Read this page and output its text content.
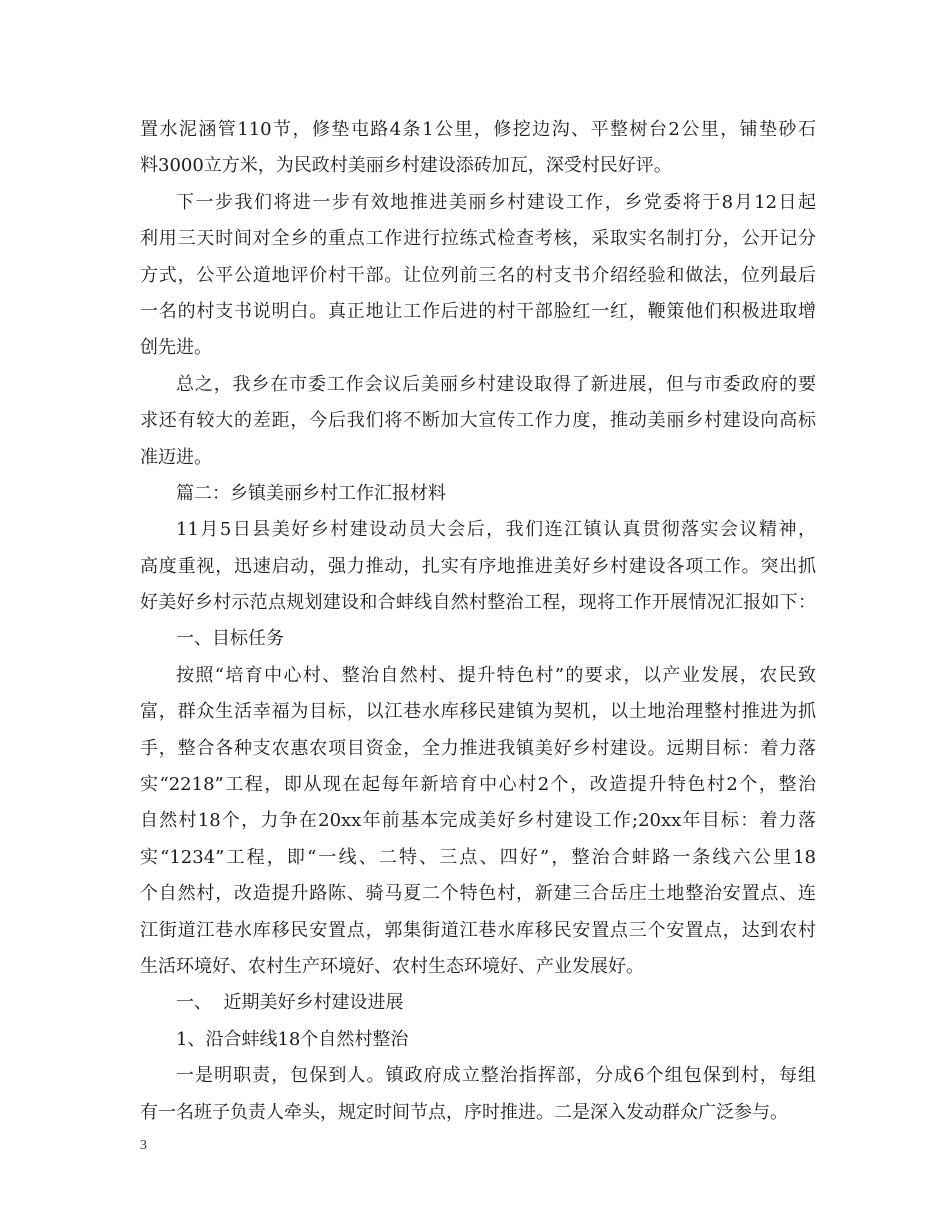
置水泥涵管110节，修垫屯路4条1公里，修挖边沟、平整树台2公里，铺垫砂石
料3000立方米，为民政村美丽乡村建设添砖加瓦，深受村民好评。
下一步我们将进一步有效地推进美丽乡村建设工作，乡党委将于8月12日起
利用三天时间对全乡的重点工作进行拉练式检查考核，采取实名制打分，公开记分
方式，公平公道地评价村干部。让位列前三名的村支书介绍经验和做法，位列最后
一名的村支书说明白。真正地让工作后进的村干部脸红一红，鞭策他们积极进取增
创先进。
总之，我乡在市委工作会议后美丽乡村建设取得了新进展，但与市委政府的要
求还有较大的差距，今后我们将不断加大宣传工作力度，推动美丽乡村建设向高标
准迈进。
篇二：乡镇美丽乡村工作汇报材料
11月5日县美好乡村建设动员大会后，我们连江镇认真贯彻落实会议精神，
高度重视，迅速启动，强力推动，扎实有序地推进美好乡村建设各项工作。突出抓
好美好乡村示范点规划建设和合蚌线自然村整治工程，现将工作开展情况汇报如下：
一、目标任务
按照“培育中心村、整治自然村、提升特色村”的要求，以产业发展，农民致
富，群众生活幸福为目标，以江巷水库移民建镇为契机，以土地治理整村推进为抓
手，整合各种支农惠农项目资金，全力推进我镇美好乡村建设。远期目标：着力落
实“2218”工程，即从现在起每年新培育中心村2个，改造提升特色村2个，整治
自然村18个，力争在20xx年前基本完成美好乡村建设工作;20xx年目标：着力落
实“1234”工程，即“一线、二特、三点、四好”，整治合蚌路一条线六公里18
个自然村，改造提升路陈、骑马夏二个特色村，新建三合岳庄土地整治安置点、连
江街道江巷水库移民安置点，郭集街道江巷水库移民安置点三个安置点，达到农村
生活环境好、农村生产环境好、农村生态环境好、产业发展好。
一、  近期美好乡村建设进展
1、沿合蚌线18个自然村整治
一是明职责，包保到人。镇政府成立整治指挥部，分成6个组包保到村，每组
有一名班子负责人牵头，规定时间节点，序时推进。二是深入发动群众广泛参与。
3
